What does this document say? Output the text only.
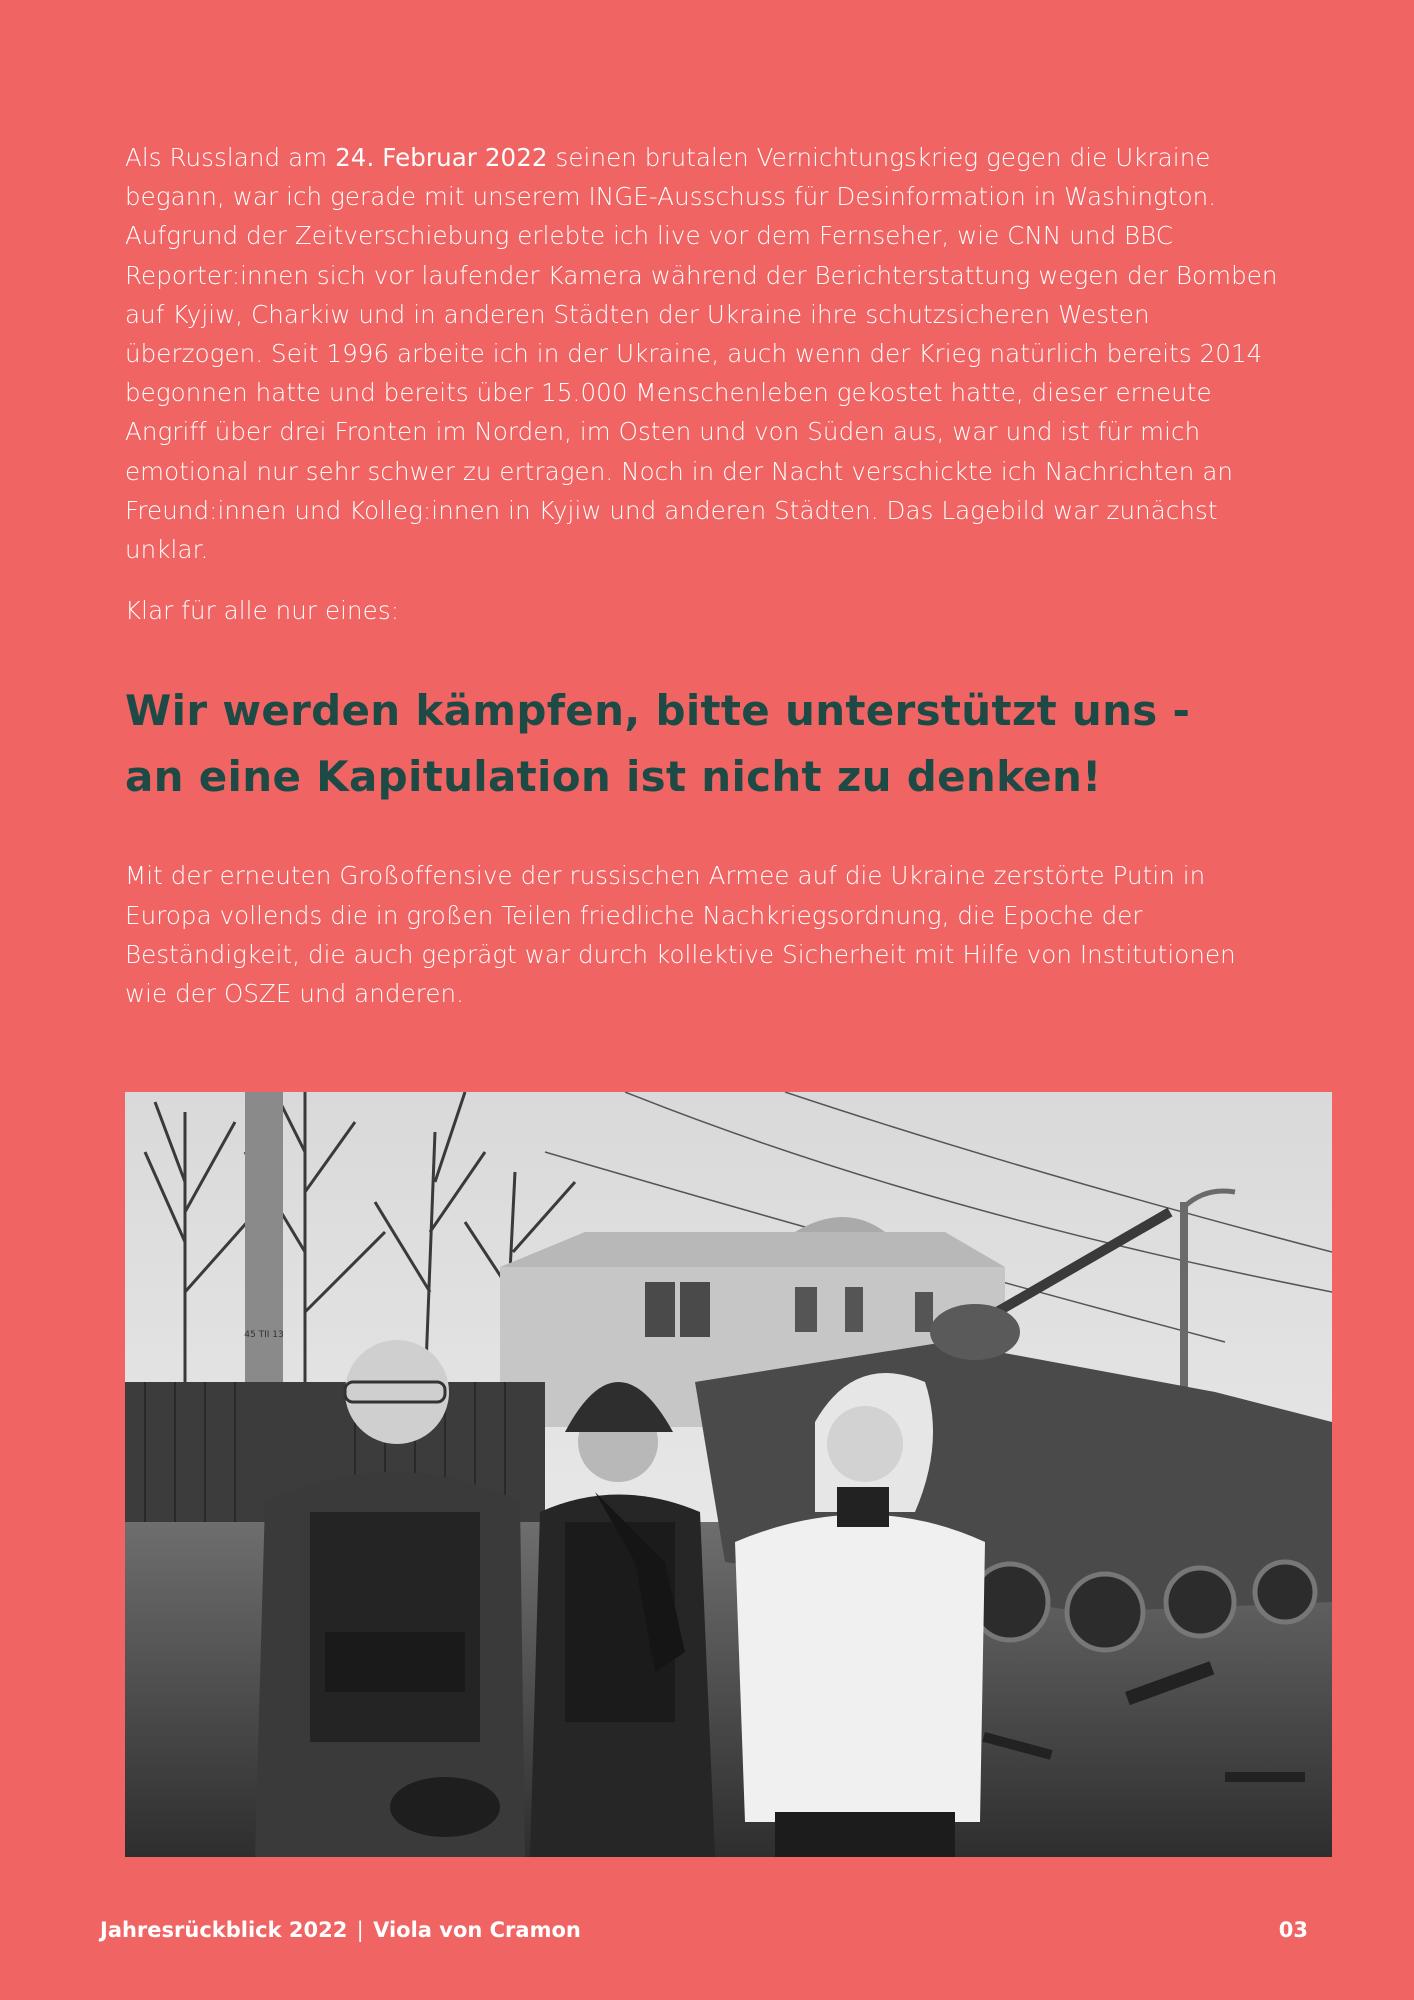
Als Russland am 24. Februar 2022 seinen brutalen Vernichtungskrieg gegen die Ukraine begann, war ich gerade mit unserem INGE-Ausschuss für Desinformation in Washington. Aufgrund der Zeitverschiebung erlebte ich live vor dem Fernseher, wie CNN und BBC Reporter:innen sich vor laufender Kamera während der Berichterstattung wegen der Bomben auf Kyjiw, Charkiw und in anderen Städten der Ukraine ihre schutzsicheren Westen überzogen. Seit 1996 arbeite ich in der Ukraine, auch wenn der Krieg natürlich bereits 2014 begonnen hatte und bereits über 15.000 Menschenleben gekostet hatte, dieser erneute Angriff über drei Fronten im Norden, im Osten und von Süden aus, war und ist für mich emotional nur sehr schwer zu ertragen. Noch in der Nacht verschickte ich Nachrichten an Freund:innen und Kolleg:innen in Kyjiw und anderen Städten. Das Lagebild war zunächst unklar.

Klar für alle nur eines:

Wir werden kämpfen, bitte unterstützt uns -
an eine Kapitulation ist nicht zu denken!

Mit der erneuten Großoffensive der russischen Armee auf die Ukraine zerstörte Putin in Europa vollends die in großen Teilen friedliche Nachkriegsordnung, die Epoche der Beständigkeit, die auch geprägt war durch kollektive Sicherheit mit Hilfe von Institutionen wie der OSZE und anderen.

45 TII 13
Jahresrückblick 2022 | Viola von Cramon	03
